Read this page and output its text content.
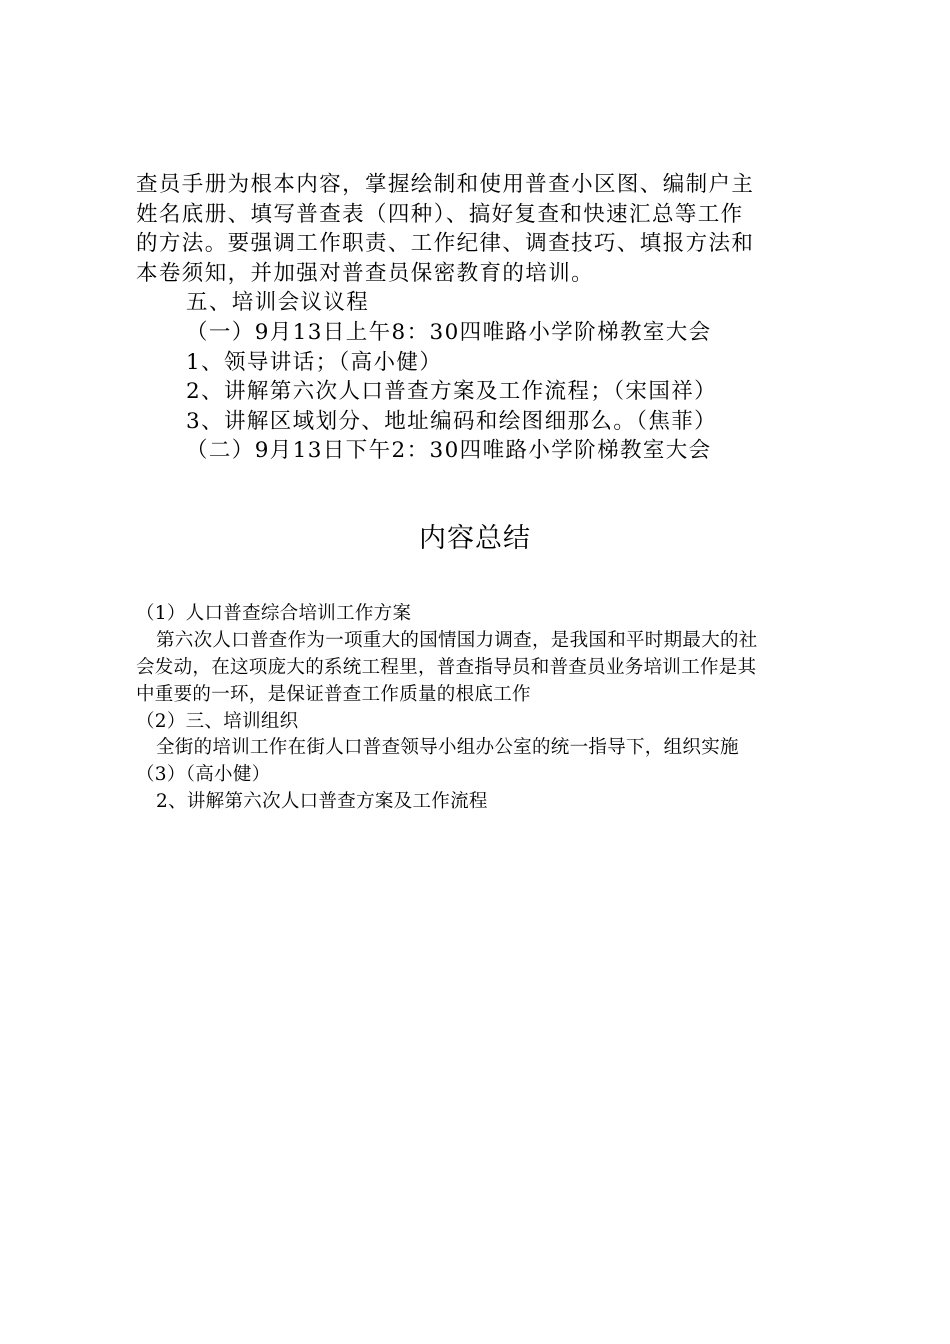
查员手册为根本内容，掌握绘制和使用普查小区图、编制户主
姓名底册、填写普查表（四种）、搞好复查和快速汇总等工作
的方法。要强调工作职责、工作纪律、调查技巧、填报方法和
本卷须知，并加强对普查员保密教育的培训。
五、培训会议议程
（一）9月13日上午8：30四唯路小学阶梯教室大会
1、领导讲话；（高小健）
2、讲解第六次人口普查方案及工作流程；（宋国祥）
3、讲解区域划分、地址编码和绘图细那么。（焦菲）
（二）9月13日下午2：30四唯路小学阶梯教室大会
内容总结
（1）人口普查综合培训工作方案
第六次人口普查作为一项重大的国情国力调查，是我国和平时期最大的社
会发动，在这项庞大的系统工程里，普查指导员和普查员业务培训工作是其
中重要的一环，是保证普查工作质量的根底工作
（2）三、培训组织
全街的培训工作在街人口普查领导小组办公室的统一指导下，组织实施
（3）（高小健）
2、讲解第六次人口普查方案及工作流程
